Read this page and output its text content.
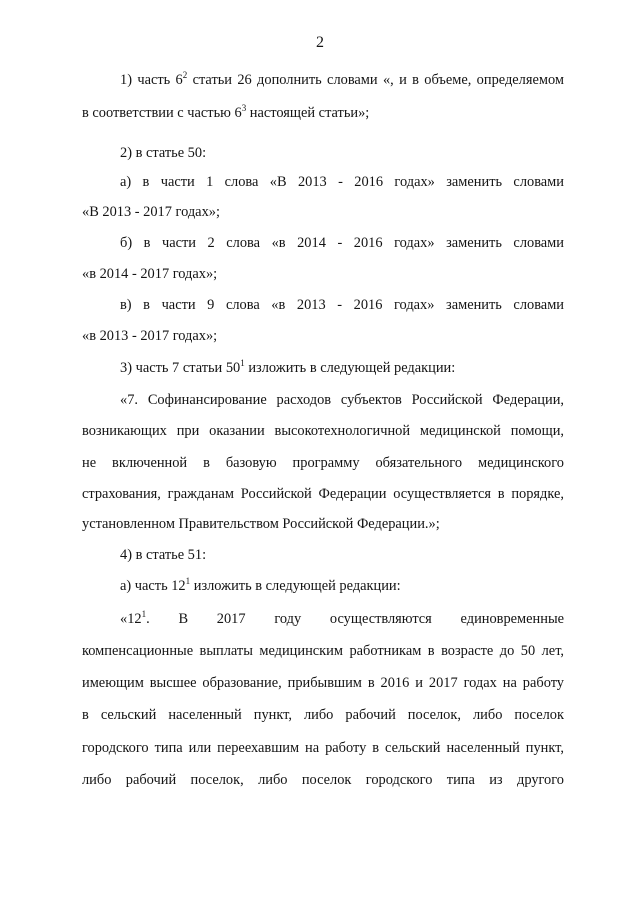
2
1) часть $6^2$ статьи 26 дополнить словами «, и в объеме, определяемом
в соответствии с частью $6^3$ настоящей статьи»;
2) в статье 50:
а) в части 1 слова «В 2013 - 2016 годах» заменить словами
«В 2013 - 2017 годах»;
б) в части 2 слова «в 2014 - 2016 годах» заменить словами
«в 2014 - 2017 годах»;
в) в части 9 слова «в 2013 - 2016 годах» заменить словами
«в 2013 - 2017 годах»;
3) часть 7 статьи $50^1$ изложить в следующей редакции:
«7. Софинансирование расходов субъектов Российской Федерации,
возникающих при оказании высокотехнологичной медицинской помощи,
не включенной в базовую программу обязательного медицинского
страхования, гражданам Российской Федерации осуществляется в порядке,
установленном Правительством Российской Федерации.»;
4) в статье 51:
а) часть $12^1$ изложить в следующей редакции:
«$12^1$. В 2017 году осуществляются единовременные
компенсационные выплаты медицинским работникам в возрасте до 50 лет,
имеющим высшее образование, прибывшим в 2016 и 2017 годах на работу
в сельский населенный пункт, либо рабочий поселок, либо поселок
городского типа или переехавшим на работу в сельский населенный пункт,
либо рабочий поселок, либо поселок городского типа из другого
